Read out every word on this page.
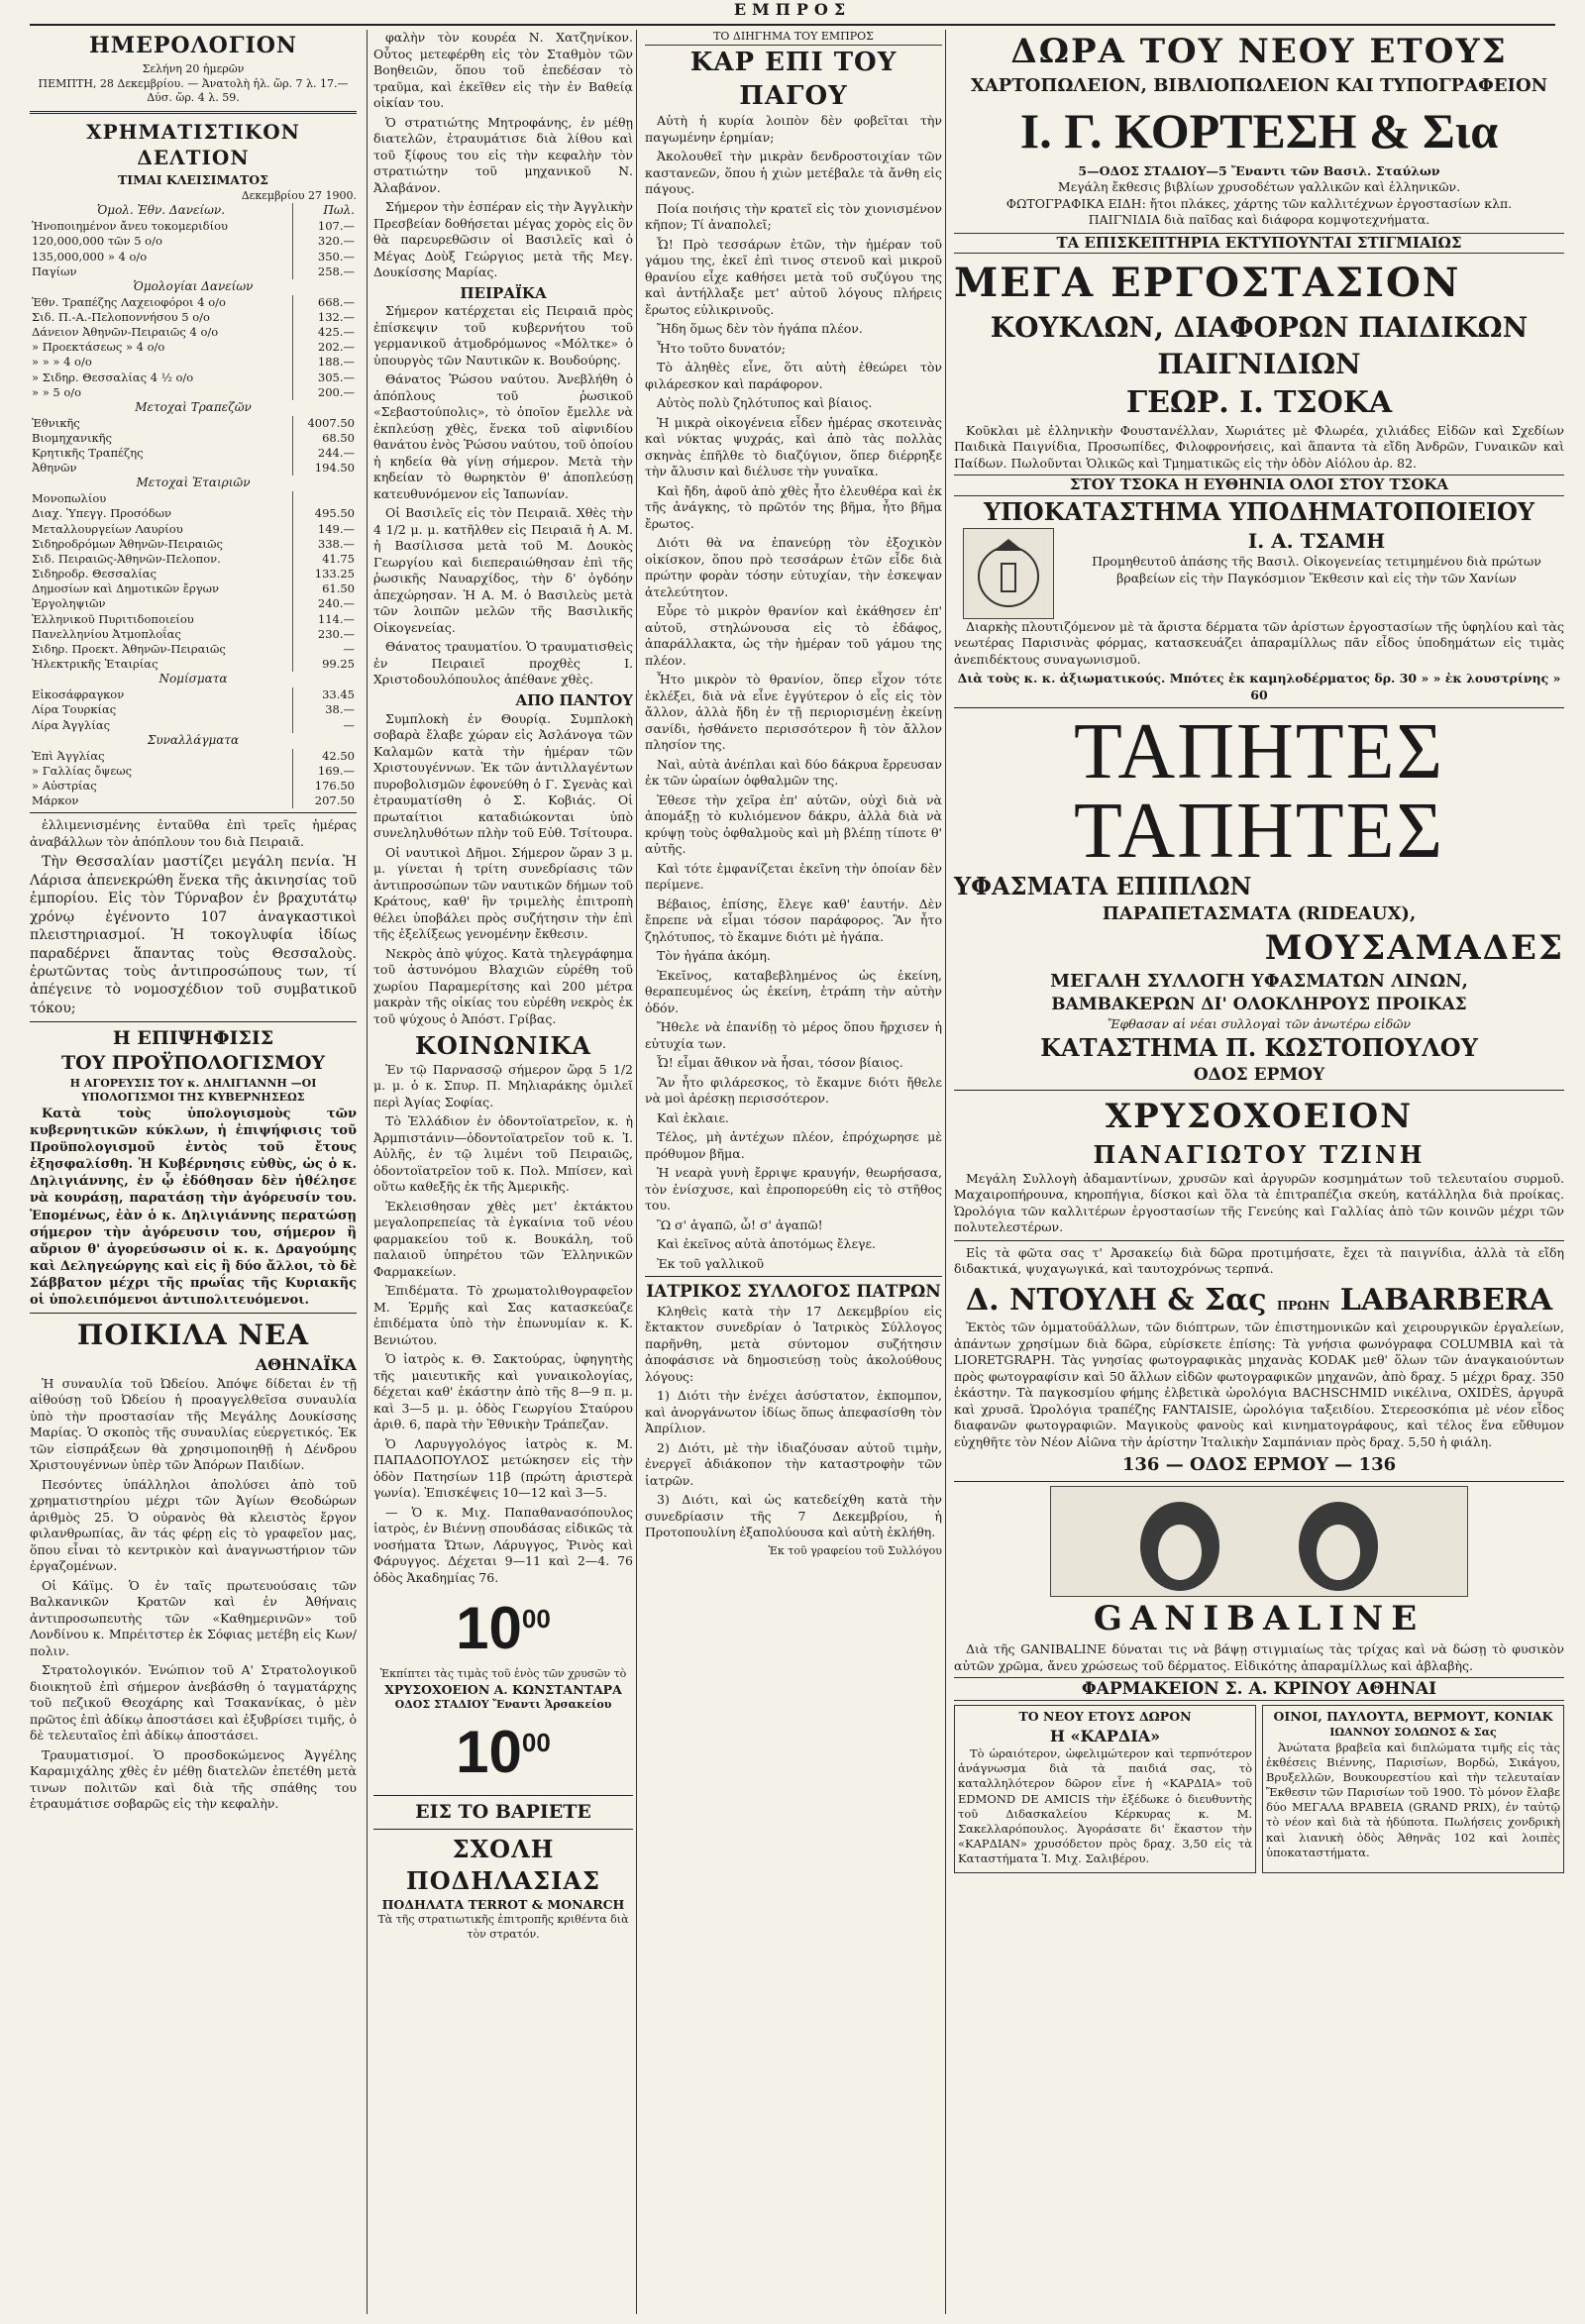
ΕΜΠΡΟΣ
ΗΜΕΡΟΛΟΓΙΟΝ
Σελήνη 20 ἡμερῶν
ΠΕΜΠΤΗ, 28 Δεκεμβρίου. — Ἀνατολὴ ἡλ. ὥρ. 7 λ. 17.—Δύσ. ὥρ. 4 λ. 59.
ΧΡΗΜΑΤΙΣΤΙΚΟΝ ΔΕΛΤΙΟΝ
ΤΙΜΑΙ ΚΛΕΙΣΙΜΑΤΟΣ
Δεκεμβρίου 27 1900.
Ὁμολ. Ἐθν. Δανείων.	Πωλ.
Ἡνοποιημένον ἄνευ τοκομεριδίου	107.—
120,000,000 τῶν 5 ο/ο	320.—
135,000,000 » 4 ο/ο	350.—
Παγίων	258.—
Ὁμολογίαι Δανείων	
Ἐθν. Τραπέζης Λαχειοφόροι 4 ο/ο	668.—
Σιδ. Π.-Α.-Πελοποννήσου 5 ο/ο	132.—
Δάνειον Ἀθηνῶν-Πειραιῶς 4 ο/ο	425.—
» Προεκτάσεως » 4 ο/ο	202.—
» » » 4 ο/ο	188.—
» Σιδηρ. Θεσσαλίας 4 ½ ο/ο	305.—
» » 5 ο/ο	200.—
Μετοχαὶ Τραπεζῶν	
Ἐθνικῆς	4007.50
Βιομηχανικῆς	68.50
Κρητικῆς Τραπέζης	244.—
Ἀθηνῶν	194.50
Μετοχαὶ Ἐταιριῶν	
Μονοπωλίου	
Διαχ. Ὑπεγγ. Προσόδων	495.50
Μεταλλουργείων Λαυρίου	149.—
Σιδηροδρόμων Ἀθηνῶν-Πειραιῶς	338.—
Σιδ. Πειραιῶς-Ἀθηνῶν-Πελοπον.	41.75
Σιδηροδρ. Θεσσαλίας	133.25
Δημοσίων καὶ Δημοτικῶν ἔργων	61.50
Ἐργοληψιῶν	240.—
Ἑλληνικοῦ Πυριτιδοποιείου	114.—
Πανελληνίου Ἀτμοπλοΐας	230.—
Σιδηρ. Προεκτ. Ἀθηνῶν-Πειραιῶς	—
Ἠλεκτρικῆς Ἑταιρίας	99.25
Νομίσματα	
Εἰκοσάφραγκον	33.45
Λίρα Τουρκίας	38.—
Λίρα Ἀγγλίας	—
Συναλλάγματα	
Ἐπὶ Ἀγγλίας	42.50
» Γαλλίας ὄψεως	169.—
» Αὐστρίας	176.50
Μάρκον	207.50

ἐλλιμενισμένης ἐνταῦθα ἐπὶ τρεῖς ἡμέρας ἀναβάλλων τὸν ἀπόπλουν του διὰ Πειραιᾶ.

Τὴν Θεσσαλίαν μαστίζει μεγάλη πενία. Ἡ Λάρισα ἀπενεκρώθη ἕνεκα τῆς ἀκινησίας τοῦ ἐμπορίου. Εἰς τὸν Τύρναβον ἐν βραχυτάτῳ χρόνῳ ἐγένοντο 107 ἀναγκαστικοὶ πλειστηριασμοί. Ἡ τοκογλυφία ἰδίως παραδέρνει ἅπαντας τοὺς Θεσσαλοὺς. ἐρωτῶντας τοὺς ἀντιπροσώπους των, τί ἀπέγεινε τὸ νομοσχέδιον τοῦ συμβατικοῦ τόκου;

Η ΕΠΙΨΗΦΙΣΙΣ
ΤΟΥ ΠΡΟΫΠΟΛΟΓΙΣΜΟΥ
Η ΑΓΟΡΕΥΣΙΣ ΤΟΥ κ. ΔΗΛΙΓΙΑΝΝΗ —ΟΙ ΥΠΟΛΟΓΙΣΜΟΙ ΤΗΣ ΚΥΒΕΡΝΗΣΕΩΣ

Κατὰ τοὺς ὑπολογισμοὺς τῶν κυβερνητικῶν κύκλων, ἡ ἐπιψήφισις τοῦ Προϋπολογισμοῦ ἐντὸς τοῦ ἔτους ἐξησφαλίσθη. Ἡ Κυβέρνησις εὐθὺς, ὡς ὁ κ. Δηλιγιάννης, ἐν ᾧ ἐδόθησαν δὲν ἠθέλησε νὰ κουράσῃ, παρατάσῃ τὴν ἀγόρευσίν του. Ἐπομένως, ἐὰν ὁ κ. Δηλιγιάννης περατώσῃ σήμερον τὴν ἀγόρευσιν του, σήμερον ἢ αὔριον θ' ἀγορεύσωσιν οἱ κ. κ. Δραγούμης καὶ Δεληγεώργης καὶ εἰς ἢ δύο ἄλλοι, τὸ δὲ Σάββατον μέχρι τῆς πρωΐας τῆς Κυριακῆς οἱ ὑπολειπόμενοι ἀντιπολιτευόμενοι.

ΠΟΙΚΙΛΑ ΝΕΑ
ΑΘΗΝΑΪΚΑ

Ἡ συναυλία τοῦ Ὠδείου. Ἀπόψε δίδεται ἐν τῇ αἰθούσῃ τοῦ Ὠδείου ἡ προαγγελθεῖσα συναυλία ὑπὸ τὴν προστασίαν τῆς Μεγάλης Δουκίσσης Μαρίας. Ὁ σκοπὸς τῆς συναυλίας εὐεργετικός. Ἐκ τῶν εἰσπράξεων θὰ χρησιμοποιηθῇ ἡ Δένδρου Χριστουγέννων ὑπὲρ τῶν Ἀπόρων Παιδίων.

Πεσόντες ὑπάλληλοι ἀπολύσει ἀπὸ τοῦ χρηματιστηρίου μέχρι τῶν Ἀγίων Θεοδώρων ἀριθμὸς 25. Ὁ οὐρανὸς θὰ κλειστὸς ἔργον φιλανθρωπίας, ἂν τάς φέρῃ εἰς τὸ γραφεῖον μας, ὅπου εἶναι τὸ κεντρικὸν καὶ ἀναγνωστήριον τῶν ἐργαζομένων.

Οἱ Κάϊμς. Ὁ ἐν ταῖς πρωτευούσαις τῶν Βαλκανικῶν Κρατῶν καὶ ἐν Ἀθήναις ἀντιπροσωπευτὴς τῶν «Καθημερινῶν» τοῦ Λονδίνου κ. Μπρέιτστερ ἐκ Σόφιας μετέβη εἰς Κων/πολιν.

Στρατολογικόν. Ἐνώπιον τοῦ Α' Στρατολογικοῦ διοικητοῦ ἐπὶ σήμερον ἀνεβάσθη ὁ ταγματάρχης τοῦ πεζικοῦ Θεοχάρης καὶ Τσακανίκας, ὁ μὲν πρῶτος ἐπὶ ἀδίκῳ ἀποστάσει καὶ ἐξυβρίσει τιμῆς, ὁ δὲ τελευταῖος ἐπὶ ἀδίκῳ ἀποστάσει.

Τραυματισμοί. Ὁ προσδοκώμενος Ἀγγέλης Καραμιχάλης χθὲς ἐν μέθῃ διατελῶν ἐπετέθη μετὰ τινων πολιτῶν καὶ διὰ τῆς σπάθης του ἐτραυμάτισε σοβαρῶς εἰς τὴν κεφαλὴν.

φαλὴν τὸν κουρέα Ν. Χατζηνίκον. Οὗτος μετεφέρθη εἰς τὸν Σταθμὸν τῶν Βοηθειῶν, ὅπου τοῦ ἐπεδέσαν τὸ τραῦμα, καὶ ἐκεῖθεν εἰς τὴν ἐν Βαθείᾳ οἰκίαν του.

Ὁ στρατιώτης Μητροφάνης, ἐν μέθῃ διατελῶν, ἐτραυμάτισε διὰ λίθου καὶ τοῦ ξίφους του εἰς τὴν κεφαλὴν τὸν στρατιώτην τοῦ μηχανικοῦ Ν. Ἀλαβάνον.

Σήμερον τὴν ἑσπέραν εἰς τὴν Ἀγγλικὴν Πρεσβείαν δοθήσεται μέγας χορὸς εἰς ὃν θὰ παρευρεθῶσιν οἱ Βασιλεῖς καὶ ὁ Μέγας Δοὺξ Γεώργιος μετὰ τῆς Μεγ. Δουκίσσης Μαρίας.

ΠΕΙΡΑΪΚΑ

Σήμερον κατέρχεται εἰς Πειραιᾶ πρὸς ἐπίσκεψιν τοῦ κυβερνήτου τοῦ γερμανικοῦ ἀτμοδρόμωνος «Μόλτκε» ὁ ὑπουργὸς τῶν Ναυτικῶν κ. Βουδούρης.

Θάνατος Ῥώσου ναύτου. Ἀνεβλήθη ὁ ἀπόπλους τοῦ ῥωσικοῦ «Σεβαστούπολις», τὸ ὁποῖον ἔμελλε νὰ ἐκπλεύσῃ χθὲς, ἕνεκα τοῦ αἰφνιδίου θανάτου ἑνὸς Ῥώσου ναύτου, τοῦ ὁποίου ἡ κηδεία θὰ γίνῃ σήμερον. Μετὰ τὴν κηδείαν τὸ θωρηκτὸν θ' ἀποπλεύσῃ κατευθυνόμενον εἰς Ἰαπωνίαν.

Οἱ Βασιλεῖς εἰς τὸν Πειραιᾶ. Χθὲς τὴν 4 1/2 μ. μ. κατῆλθεν εἰς Πειραιᾶ ἡ Α. Μ. ἡ Βασίλισσα μετὰ τοῦ Μ. Δουκὸς Γεωργίου καὶ διεπεραιώθησαν ἐπὶ τῆς ῥωσικῆς Ναυαρχίδος, τὴν δ' ὀγδόην ἀπεχώρησαν. Ἡ Α. Μ. ὁ Βασιλεὺς μετὰ τῶν λοιπῶν μελῶν τῆς Βασιλικῆς Οἰκογενείας.

Θάνατος τραυματίου. Ὁ τραυματισθεὶς ἐν Πειραιεῖ προχθὲς Ι. Χριστοδουλόπουλος ἀπέθανε χθὲς.

ΑΠΟ ΠΑΝΤΟΥ

Συμπλοκὴ ἐν Θουρίᾳ. Συμπλοκὴ σοβαρὰ ἔλαβε χώραν εἰς Ἀσλάνογα τῶν Καλαμῶν κατὰ τὴν ἡμέραν τῶν Χριστουγέννων. Ἐκ τῶν ἀντιλλαγέντων πυροβολισμῶν ἐφονεύθη ὁ Γ. Σγενὰς καὶ ἐτραυματίσθη ὁ Σ. Κοβιάς. Οἱ πρωταίτιοι καταδιώκονται ὑπὸ συνεληλυθότων πλὴν τοῦ Εὐθ. Τσίτουρα.

Οἱ ναυτικοὶ Δῆμοι. Σήμερον ὥραν 3 μ. μ. γίνεται ἡ τρίτη συνεδρίασις τῶν ἀντιπροσώπων τῶν ναυτικῶν δήμων τοῦ Κράτους, καθ' ἣν τριμελὴς ἐπιτροπὴ θέλει ὑποβάλει πρὸς συζήτησιν τὴν ἐπὶ τῆς ἐξελίξεως γενομένην ἔκθεσιν.

Νεκρὸς ἀπὸ ψύχος. Κατὰ τηλεγράφημα τοῦ ἀστυνόμου Βλαχιῶν εὑρέθη τοῦ χωρίου Παραμερίτσης καὶ 200 μέτρα μακρὰν τῆς οἰκίας του εὑρέθη νεκρὸς ἐκ τοῦ ψύχους ὁ Ἀπόστ. Γρίβας.

ΚΟΙΝΩΝΙΚΑ

Ἐν τῷ Παρνασσῷ σήμερον ὥρᾳ 5 1/2 μ. μ. ὁ κ. Σπυρ. Π. Μηλιαράκης ὁμιλεῖ περὶ Ἀγίας Σοφίας.

Τὸ Ἑλλάδιον ἐν ὀδοντοϊατρεῖον, κ. ἡ Ἀρμπιστάνιν—ὀδοντοϊατρεῖον τοῦ κ. Ἰ. Αὐλῆς, ἐν τῷ λιμένι τοῦ Πειραιῶς, ὀδοντοϊατρεῖον τοῦ κ. Πολ. Μπίσεν, καὶ οὕτω καθεξῆς ἐκ τῆς Ἀμερικῆς.

Ἐκλεισθησαν χθὲς μετ' ἐκτάκτου μεγαλοπρεπείας τὰ ἐγκαίνια τοῦ νέου φαρμακείου τοῦ κ. Βουκάλη, τοῦ παλαιοῦ ὑπηρέτου τῶν Ἑλληνικῶν Φαρμακείων.

Ἐπιδέματα. Τὸ χρωματολιθογραφεῖον Μ. Ἑρμῆς καὶ Σας κατασκεύαζε ἐπιδέματα ὑπὸ τὴν ἐπωνυμίαν κ. Κ. Βενιώτου.

Ὁ ἰατρὸς κ. Θ. Σακτούρας, ὑφηγητὴς τῆς μαιευτικῆς καὶ γυναικολογίας, δέχεται καθ' ἑκάστην ἀπὸ τῆς 8—9 π. μ. καὶ 3—5 μ. μ. ὁδὸς Γεωργίου Σταύρου ἀριθ. 6, παρὰ τὴν Ἐθνικὴν Τράπεζαν.

Ὁ Λαρυγγολόγος ἰατρὸς κ. Μ. ΠΑΠΑΔΟΠΟΥΛΟΣ μετώκησεν εἰς τὴν ὁδὸν Πατησίων 11β (πρώτη ἀριστερὰ γωνία). Ἐπισκέψεις 10—12 καὶ 3—5.

— Ὁ κ. Μιχ. Παπαθανασόπουλος ἰατρὸς, ἐν Βιέννῃ σπουδάσας εἰδικῶς τὰ νοσήματα Ὤτων, Λάρυγγος, Ῥινὸς καὶ Φάρυγγος. Δέχεται 9—11 καὶ 2—4. 76 ὁδὸς Ἀκαδημίας 76.

$10^{00}$
Ἐκπίπτει τὰς τιμὰς τοῦ ἑνὸς τῶν χρυσῶν τὸ
ΧΡΥΣΟΧΟΕΙΟΝ Α. ΚΩΝΣΤΑΝΤΑΡΑ
ΟΔΟΣ ΣΤΑΔΙΟΥ Ἔναντι Ἀρσακείου
$10^{00}$
ΕΙΣ ΤΟ ΒΑΡΙΕΤΕ
ΣΧΟΛΗ ΠΟΔΗΛΑΣΙΑΣ
ΠΟΔΗΛΑΤΑ TERROT & MONARCH
Τὰ τῆς στρατιωτικῆς ἐπιτροπῆς κριθέντα διὰ τὸν στρατόν.
ΤΟ ΔΙΗΓΗΜΑ ΤΟΥ ΕΜΠΡΟΣ
ΚΑΡ ΕΠΙ ΤΟΥ ΠΑΓΟΥ

Αὐτὴ ἡ κυρία λοιπὸν δὲν φοβεῖται τὴν παγωμένην ἐρημίαν;

Ἀκολουθεῖ τὴν μικρὰν δενδροστοιχίαν τῶν καστανεῶν, ὅπου ἡ χιὼν μετέβαλε τὰ ἄνθη εἰς πάγους.

Ποία ποιήσις τὴν κρατεῖ εἰς τὸν χιονισμένον κῆπον; Τί ἀναπολεῖ;

Ὦ! Πρὸ τεσσάρων ἐτῶν, τὴν ἡμέραν τοῦ γάμου της, ἐκεῖ ἐπὶ τινος στενοῦ καὶ μικροῦ θρανίου εἶχε καθήσει μετὰ τοῦ συζύγου της καὶ ἀντήλλαξε μετ' αὐτοῦ λόγους πλήρεις ἔρωτος εὐλικρινοῦς.

Ἤδη ὅμως δὲν τὸν ἠγάπα πλέον.

Ἦτο τοῦτο δυνατόν;

Τὸ ἀληθὲς εἶνε, ὅτι αὐτὴ ἐθεώρει τὸν φιλάρεσκον καὶ παράφορον.

Αὐτὸς πολὺ ζηλότυπος καὶ βίαιος.

Ἡ μικρὰ οἰκογένεια εἶδεν ἡμέρας σκοτεινὰς καὶ νύκτας ψυχράς, καὶ ἀπὸ τὰς πολλὰς σκηνὰς ἐπῆλθε τὸ διαζύγιον, ὅπερ διέρρηξε τὴν ἄλυσιν καὶ διέλυσε τὴν γυναῖκα.

Καὶ ἤδη, ἀφοῦ ἀπὸ χθὲς ἦτο ἐλευθέρα καὶ ἐκ τῆς ἀνάγκης, τὸ πρῶτόν της βῆμα, ἦτο βῆμα ἔρωτος.

Διότι θὰ να ἐπανεύρῃ τὸν ἐξοχικὸν οἰκίσκον, ὅπου πρὸ τεσσάρων ἐτῶν εἶδε διὰ πρώτην φορὰν τόσην εὐτυχίαν, τὴν ἐσκεψαν ἀτελεύτητον.

Εὗρε τὸ μικρὸν θρανίον καὶ ἐκάθησεν ἐπ' αὐτοῦ, στηλώνουσα εἰς τὸ ἐδάφος, ἀπαράλλακτα, ὡς τὴν ἡμέραν τοῦ γάμου της πλέον.

Ἦτο μικρὸν τὸ θρανίον, ὅπερ εἶχον τότε ἐκλέξει, διὰ νὰ εἶνε ἐγγύτερον ὁ εἷς εἰς τὸν ἄλλον, ἀλλὰ ἤδη ἐν τῇ περιορισμένῃ ἐκείνῃ σανίδι, ἠσθάνετο περισσότερον ἢ τὸν ἄλλον πλησίον της.

Ναὶ, αὐτὰ ἀνέπλαι καὶ δύο δάκρυα ἔρρευσαν ἐκ τῶν ὡραίων ὀφθαλμῶν της.

Ἐθεσε τὴν χεῖρα ἐπ' αὐτῶν, οὐχὶ διὰ νὰ ἀπομάξῃ τὸ κυλιόμενον δάκρυ, ἀλλὰ διὰ νὰ κρύψῃ τοὺς ὀφθαλμοὺς καὶ μὴ βλέπῃ τίποτε θ' αὐτῆς.

Καὶ τότε ἐμφανίζεται ἐκεῖνη τὴν ὁποίαν δὲν περίμενε.

Βέβαιος, ἐπίσης, ἔλεγε καθ' ἑαυτήν. Δὲν ἔπρεπε νὰ εἶμαι τόσον παράφορος. Ἂν ἦτο ζηλότυπος, τὸ ἔκαμνε διότι μὲ ἠγάπα.

Τὸν ἠγάπα ἀκόμη.

Ἐκεῖνος, καταβεβλημένος ὡς ἐκείνη, θεραπευμένος ὡς ἐκείνη, ἐτράπη τὴν αὐτὴν ὁδόν.

Ἤθελε νὰ ἐπανίδῃ τὸ μέρος ὅπου ἤρχισεν ἡ εὐτυχία των.

Ὦ! εἶμαι ἄθικον νὰ ἦσαι, τόσον βίαιος.

Ἂν ἦτο φιλάρεσκος, τὸ ἔκαμνε διότι ἤθελε νὰ μοὶ ἀρέσκῃ περισσότερον.

Καὶ ἐκλαιε.

Τέλος, μὴ ἀντέχων πλέον, ἐπρόχωρησε μὲ πρόθυμον βῆμα.

Ἡ νεαρὰ γυνὴ ἔρριψε κραυγήν, θεωρήσασα, τὸν ἐνίσχυσε, καὶ ἐπροπορεύθη εἰς τὸ στῆθος του.

Ὢ σ' ἀγαπῶ, ὦ! σ' ἀγαπῶ!

Καὶ ἐκεῖνος αὐτὰ ἀποτόμως ἔλεγε.

Ἐκ τοῦ γαλλικοῦ

ΙΑΤΡΙΚΟΣ ΣΥΛΛΟΓΟΣ ΠΑΤΡΩΝ

Κληθεὶς κατὰ τὴν 17 Δεκεμβρίου εἰς ἔκτακτον συνεδρίαν ὁ Ἰατρικὸς Σύλλογος παρῆνθη, μετὰ σύντομον συζήτησιν ἀποφάσισε νὰ δημοσιεύσῃ τοὺς ἀκολούθους λόγους:

1) Διότι τὴν ἐνέχει ἀσύστατον, ἐκπομπον, καὶ ἀνοργάνωτον ἰδίως ὅπως ἀπεφασίσθη τὸν Ἀπρίλιον.

2) Διότι, μὲ τὴν ἰδιαζόυσαν αὐτοῦ τιμὴν, ἐνεργεῖ ἀδιάκοπον τὴν καταστροφὴν τῶν ἰατρῶν.

3) Διότι, καὶ ὡς κατεδείχθη κατὰ τὴν συνεδρίασιν τῆς 7 Δεκεμβρίου, ἡ Προτοπουλίνη ἐξαπολύουσα καὶ αὐτὴ ἐκλήθη.

Ἐκ τοῦ γραφείου τοῦ Συλλόγου
ΔΩΡΑ ΤΟΥ ΝΕΟΥ ΕΤΟΥΣ
ΧΑΡΤΟΠΩΛΕΙΟΝ, ΒΙΒΛΙΟΠΩΛΕΙΟΝ ΚΑΙ ΤΥΠΟΓΡΑΦΕΙΟΝ
Ι. Γ. ΚΟΡΤΕΣΗ & Σια
5—ΟΔΟΣ ΣΤΑΔΙΟΥ—5 Ἔναντι τῶν Βασιλ. Σταύλων
Μεγάλη ἔκθεσις βιβλίων χρυσοδέτων γαλλικῶν καὶ ἑλληνικῶν.
ΦΩΤΟΓΡΑΦΙΚΑ ΕΙΔΗ: ἤτοι πλάκες, χάρτης τῶν καλλιτέχνων ἐργοστασίων κλπ.
ΠΑΙΓΝΙΔΙΑ διὰ παῖδας καὶ διάφορα κομψοτεχνήματα.
ΤΑ ΕΠΙΣΚΕΠΤΗΡΙΑ ΕΚΤΥΠΟΥΝΤΑΙ ΣΤΙΓΜΙΑΙΩΣ
ΜΕΓΑ ΕΡΓΟΣΤΑΣΙΟΝ
ΚΟΥΚΛΩΝ, ΔΙΑΦΟΡΩΝ ΠΑΙΔΙΚΩΝ ΠΑΙΓΝΙΔΙΩΝ
ΓΕΩΡ. Ι. ΤΣΟΚΑ

Κοῦκλαι μὲ ἑλληνικὴν Φουστανέλλαν, Χωριάτες μὲ Φλωρέα, χιλιάδες Εἰδῶν καὶ Σχεδίων Παιδικὰ Παιγνίδια, Προσωπίδες, Φιλοφρονήσεις, καὶ ἅπαντα τὰ εἴδη Ἀνδρῶν, Γυναικῶν καὶ Παίδων. Πωλοῦνται Ὁλικῶς καὶ Τμηματικῶς εἰς τὴν ὁδὸν Αἰόλου ἀρ. 82.

ΣΤΟΥ ΤΣΟΚΑ Η ΕΥΘΗΝΙΑ ΟΛΟΙ ΣΤΟΥ ΤΣΟΚΑ
ΥΠΟΚΑΤΑΣΤΗΜΑ ΥΠΟΔΗΜΑΤΟΠΟΙΕΙΟΥ
Ι. Α. ΤΣΑΜΗ
Προμηθευτοῦ ἁπάσης τῆς Βασιλ. Οἰκογενείας τετιμημένου διὰ πρώτων βραβείων εἰς τὴν Παγκόσμιον Ἔκθεσιν καὶ εἰς τὴν τῶν Χανίων

Διαρκὴς πλουτιζόμενον μὲ τὰ ἄριστα δέρματα τῶν ἀρίστων ἐργοστασίων τῆς ὑφηλίου καὶ τὰς νεωτέρας Παρισινὰς φόρμας, κατασκευάζει ἀπαραμίλλως πᾶν εἶδος ὑποδημάτων εἰς τιμὰς ἀνεπιδέκτους συναγωνισμοῦ.

Διὰ τοὺς κ. κ. ἀξιωματικούς. Μπότες ἐκ καμηλοδέρματος δρ. 30 » » ἐκ λουστρίνης » 60
ΤΑΠΗΤΕΣ ΤΑΠΗΤΕΣ
ΥΦΑΣΜΑΤΑ ΕΠΙΠΛΩΝ
ΠΑΡΑΠΕΤΑΣΜΑΤΑ (RIDEAUX),
ΜΟΥΣΑΜΑΔΕΣ
ΜΕΓΑΛΗ ΣΥΛΛΟΓΗ ΥΦΑΣΜΑΤΩΝ ΛΙΝΩΝ,
ΒΑΜΒΑΚΕΡΩΝ ΔΙ' ΟΛΟΚΛΗΡΟΥΣ ΠΡΟΙΚΑΣ
Ἔφθασαν αἱ νέαι συλλογαὶ τῶν ἀνωτέρω εἰδῶν
ΚΑΤΑΣΤΗΜΑ Π. ΚΩΣΤΟΠΟΥΛΟΥ
ΟΔΟΣ ΕΡΜΟΥ
ΧΡΥΣΟΧΟΕΙΟΝ
ΠΑΝΑΓΙΩΤΟΥ ΤΖΙΝΗ

Μεγάλη Συλλογὴ ἀδαμαντίνων, χρυσῶν καὶ ἀργυρῶν κοσμημάτων τοῦ τελευταίου συρμοῦ. Μαχαιροπήρουνα, κηροπήγια, δίσκοι καὶ ὅλα τὰ ἐπιτραπέζια σκεύη, κατάλληλα διὰ προίκας. Ὡρολόγια τῶν καλλιτέρων ἐργοστασίων τῆς Γενεύης καὶ Γαλλίας ἀπὸ τῶν κοινῶν μέχρι τῶν πολυτελεστέρων.

Εἰς τὰ φῶτα σας τ' Ἀρσακείῳ διὰ δῶρα προτιμήσατε, ἔχει τὰ παιγνίδια, ἀλλὰ τὰ εἴδη διδακτικά, ψυχαγωγικά, καὶ ταυτοχρόνως τερπνά.

Δ. ΝΤΟΥΛΗ & Σας ΠΡΩΗΝ LABARBERA

Ἐκτὸς τῶν ὁμματοϋάλλων, τῶν διόπτρων, τῶν ἐπιστημονικῶν καὶ χειρουργικῶν ἐργαλείων, ἀπάντων χρησίμων διὰ δῶρα, εὑρίσκετε ἐπίσης: Τὰ γνήσια φωνόγραφα COLUMBIA καὶ τὰ LIORETGRAPH. Τὰς γνησίας φωτογραφικὰς μηχανὰς KODAK μεθ' ὅλων τῶν ἀναγκαιούντων πρὸς φωτογραφίσιν καὶ 50 ἄλλων εἰδῶν φωτογραφικῶν μηχανῶν, ἀπὸ δραχ. 5 μέχρι δραχ. 350 ἑκάστην. Τὰ παγκοσμίου φήμης ἐλβετικὰ ὡρολόγια BACHSCHMID νικέλινα, OXIDÈS, ἀργυρᾶ καὶ χρυσᾶ. Ὡρολόγια τραπέζης FANTAISIE, ὡρολόγια ταξειδίου. Στερεοσκόπια μὲ νέον εἶδος διαφανῶν φωτογραφιῶν. Μαγικοὺς φανοὺς καὶ κινηματογράφους, καὶ τέλος ἕνα εὔθυμον εὐχηθῆτε τὸν Νέον Αἰῶνα τὴν ἀρίστην Ἰταλικὴν Σαμπάνιαν πρὸς δραχ. 5,50 ἡ φιάλη.

136 — ΟΔΟΣ ΕΡΜΟΥ — 136
GANIBALINE

Διὰ τῆς GANIBALINE δύναται τις νὰ βάψῃ στιγμιαίως τὰς τρίχας καὶ νὰ δώσῃ τὸ φυσικὸν αὐτῶν χρῶμα, ἄνευ χρώσεως τοῦ δέρματος. Εἰδικότης ἀπαραμίλλως καὶ ἀβλαβὴς.

ΦΑΡΜΑΚΕΙΟΝ Σ. Α. ΚΡΙΝΟΥ ΑΘΗΝΑΙ
ΤΟ ΝΕΟΥ ΕΤΟΥΣ ΔΩΡΟΝ
Η «ΚΑΡΔΙΑ»

Τὸ ὡραιότερον, ὠφελιμώτερον καὶ τερπνότερον ἀνάγνωσμα διὰ τὰ παιδιά σας, τὸ καταλληλότερον δῶρον εἶνε ἡ «ΚΑΡΔΙΑ» τοῦ EDMOND DE AMICIS τὴν ἐξέδωκε ὁ διευθυντὴς τοῦ Διδασκαλείου Κέρκυρας κ. Μ. Σακελλαρόπουλος. Ἀγοράσατε δι' ἕκαστον τὴν «ΚΑΡΔΙΑΝ» χρυσόδετον πρὸς δραχ. 3,50 εἰς τὰ Καταστήματα Ἰ. Μιχ. Σαλιβέρου.

ΟΙΝΟΙ, ΠΑΥΛΟΥΤΑ, ΒΕΡΜΟΥΤ, ΚΟΝΙΑΚ
ΙΩΑΝΝΟΥ ΣΟΛΩΝΟΣ & Σας

Ἀνώτατα βραβεῖα καὶ διπλώματα τιμῆς εἰς τὰς ἐκθέσεις Βιέννης, Παρισίων, Βορδώ, Σικάγου, Βρυξελλῶν, Βουκουρεστίου καὶ τὴν τελευταίαν Ἔκθεσιν τῶν Παρισίων τοῦ 1900. Τὸ μόνον ἔλαβε δύο ΜΕΓΑΛΑ ΒΡΑΒΕΙΑ (GRAND PRIX), ἐν ταὐτῷ τὸ νέον καὶ διὰ τὰ ἡδύποτα. Πωλήσεις χονδρικὴ καὶ λιανικὴ ὁδὸς Ἀθηνᾶς 102 καὶ λοιπὲς ὑποκαταστήματα.
